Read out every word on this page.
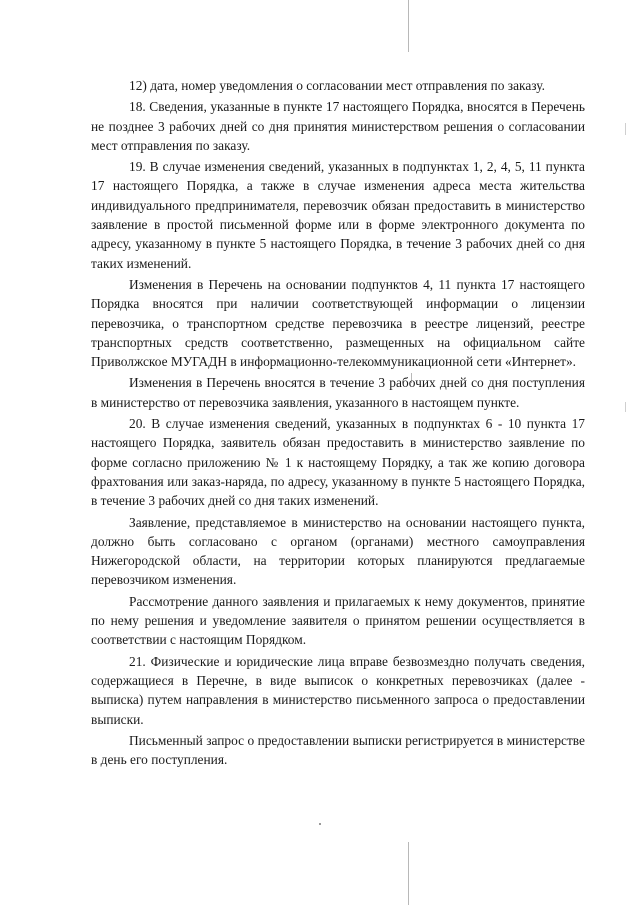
12) дата, номер уведомления о согласовании мест отправления по заказу.

18. Сведения, указанные в пункте 17 настоящего Порядка, вносятся в Перечень не позднее 3 рабочих дней со дня принятия министерством решения о согласовании мест отправления по заказу.

19. В случае изменения сведений, указанных в подпунктах 1, 2, 4, 5, 11 пункта 17 настоящего Порядка, а также в случае изменения адреса места жительства индивидуального предпринимателя, перевозчик обязан предоставить в министерство заявление в простой письменной форме или в форме электронного документа по адресу, указанному в пункте 5 настоящего Порядка, в течение 3 рабочих дней со дня таких изменений.

Изменения в Перечень на основании подпунктов 4, 11 пункта 17 настоящего Порядка вносятся при наличии соответствующей информации о лицензии перевозчика, о транспортном средстве перевозчика в реестре лицензий, реестре транспортных средств соответственно, размещенных на официальном сайте Приволжское МУГАДН в информационно-телекоммуникационной сети «Интернет».

Изменения в Перечень вносятся в течение 3 рабочих дней со дня поступления в министерство от перевозчика заявления, указанного в настоящем пункте.

20. В случае изменения сведений, указанных в подпунктах 6 - 10 пункта 17 настоящего Порядка, заявитель обязан предоставить в министерство заявление по форме согласно приложению № 1 к настоящему Порядку, а так же копию договора фрахтования или заказ-наряда, по адресу, указанному в пункте 5 настоящего Порядка, в течение 3 рабочих дней со дня таких изменений.

Заявление, представляемое в министерство на основании настоящего пункта, должно быть согласовано с органом (органами) местного самоуправления Нижегородской области, на территории которых планируются предлагаемые перевозчиком изменения.

Рассмотрение данного заявления и прилагаемых к нему документов, принятие по нему решения и уведомление заявителя о принятом решении осуществляется в соответствии с настоящим Порядком.

21. Физические и юридические лица вправе безвозмездно получать сведения, содержащиеся в Перечне, в виде выписок о конкретных перевозчиках (далее - выписка) путем направления в министерство письменного запроса о предоставлении выписки.

Письменный запрос о предоставлении выписки регистрируется в министерстве в день его поступления.
